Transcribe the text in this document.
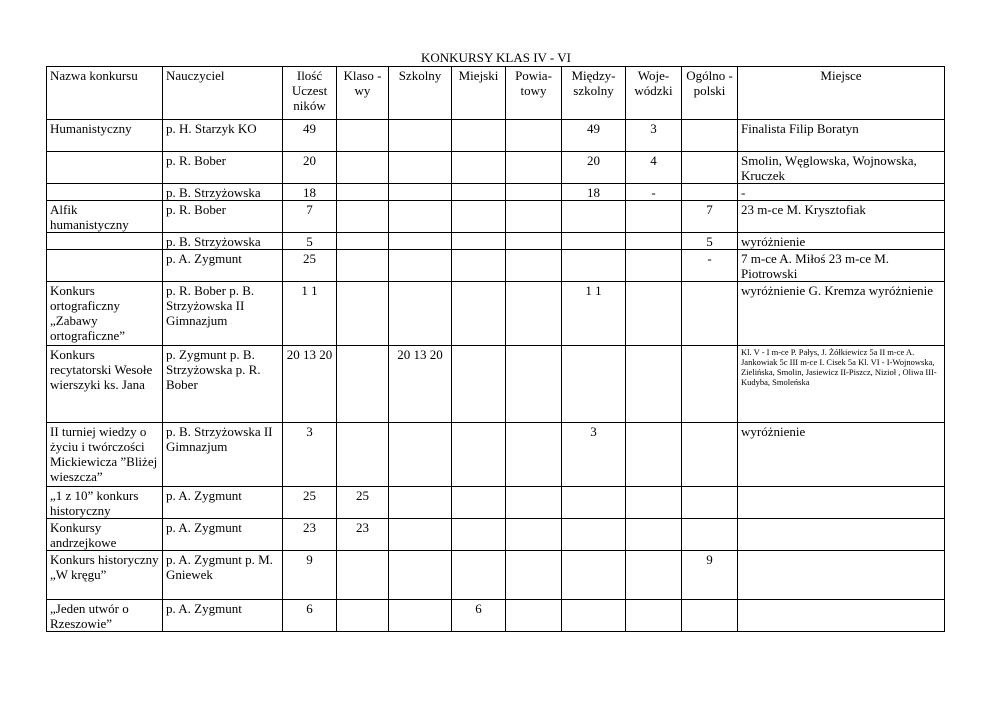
KONKURSY KLAS IV - VI
Nazwa konkursu	Nauczyciel	Ilość Uczest ników	Klaso -wy	Szkolny	Miejski	Powia- towy	Między- szkolny	Woje- wódzki	Ogólno -polski	Miejsce
Humanistyczny	p. H. Starzyk KO	49					49	3		Finalista Filip Boratyn
	p. R. Bober	20					20	4		Smolin, Węglowska, Wojnowska, Kruczek
	p. B. Strzyżowska	18					18	-		-
Alfik humanistyczny	p. R. Bober	7							7	23 m-ce M. Krysztofiak
	p. B. Strzyżowska	5							5	wyróżnienie
	p. A. Zygmunt	25							-	7 m-ce A. Miłoś 23 m-ce M. Piotrowski
Konkurs ortograficzny „Zabawy ortograficzne”	p. R. Bober p. B. Strzyżowska II Gimnazjum	1 1					1 1			wyróżnienie G. Kremza wyróżnienie
Konkurs recytatorski Wesołe wierszyki ks. Jana	p. Zygmunt p. B. Strzyżowska p. R. Bober	20 13 20		20 13 20						Kl. V - I m-ce P. Pałys, J. Żółkiewicz 5a II m-ce A. Jankowiak 5c III m-ce I. Cisek 5a Kl. VI - I-Wojnowska, Zielińska, Smolin, Jasiewicz II-Piszcz, Nizioł , Oliwa III-Kudyba, Smoleńska
II turniej wiedzy o życiu i twórczości Mickiewicza ”Bliżej wieszcza”	p. B. Strzyżowska II Gimnazjum	3					3			wyróżnienie
„1 z 10” konkurs historyczny	p. A. Zygmunt	25	25							
Konkursy andrzejkowe	p. A. Zygmunt	23	23							
Konkurs historyczny „W kręgu”	p. A. Zygmunt p. M. Gniewek	9							9	
„Jeden utwór o Rzeszowie”	p. A. Zygmunt	6			6					
